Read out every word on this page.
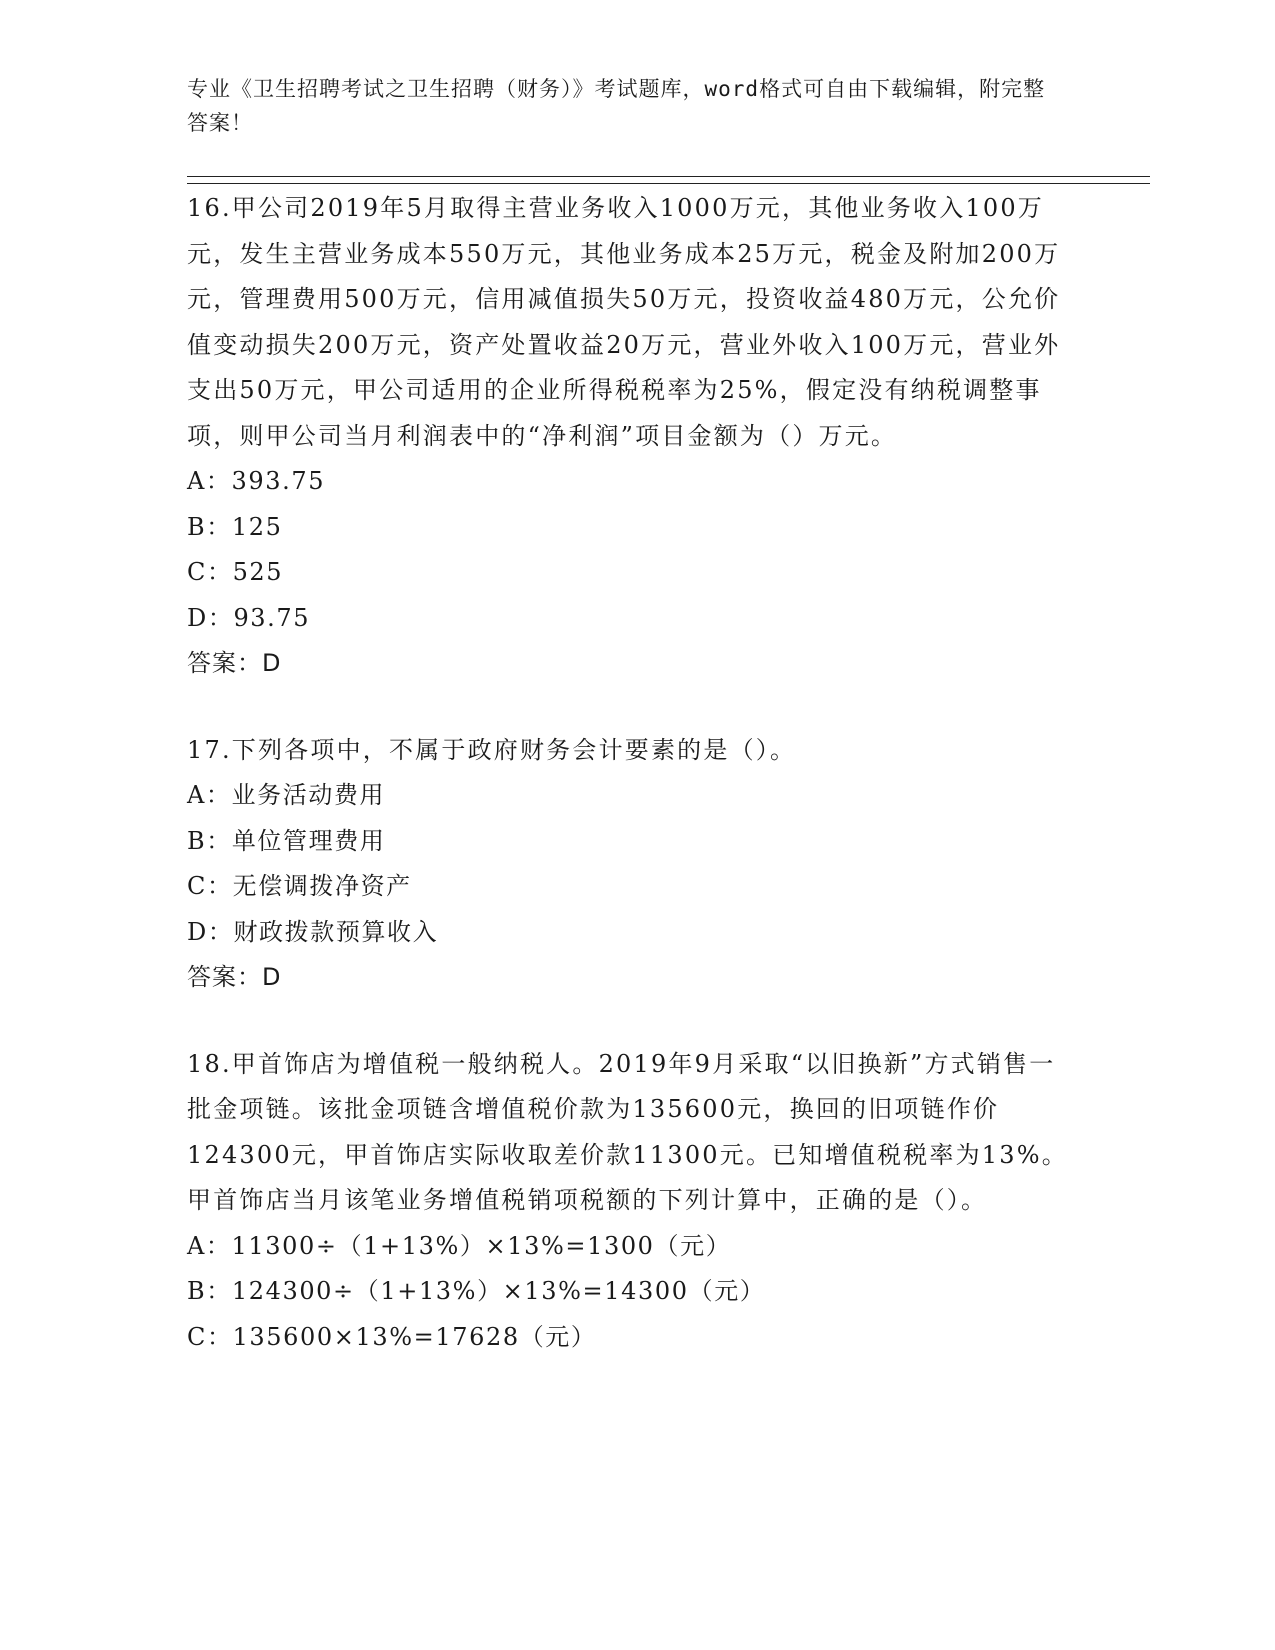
专业《卫生招聘考试之卫生招聘（财务）》考试题库，word格式可自由下载编辑，附完整答案！
16.甲公司2019年5月取得主营业务收入1000万元，其他业务收入100万元，发生主营业务成本550万元，其他业务成本25万元，税金及附加200万元，管理费用500万元，信用减值损失50万元，投资收益480万元，公允价值变动损失200万元，资产处置收益20万元，营业外收入100万元，营业外支出50万元，甲公司适用的企业所得税税率为25%，假定没有纳税调整事项，则甲公司当月利润表中的“净利润”项目金额为（）万元。
A：393.75
B：125
C：525
D：93.75
答案：D
17.下列各项中，不属于政府财务会计要素的是（）。
A：业务活动费用
B：单位管理费用
C：无偿调拨净资产
D：财政拨款预算收入
答案：D
18.甲首饰店为增值税一般纳税人。2019年9月采取“以旧换新”方式销售一批金项链。该批金项链含增值税价款为135600元，换回的旧项链作价124300元，甲首饰店实际收取差价款11300元。已知增值税税率为13%。甲首饰店当月该笔业务增值税销项税额的下列计算中，正确的是（）。
A：11300÷（1+13%）×13%=1300（元）
B：124300÷（1+13%）×13%=14300（元）
C：135600×13%=17628（元）
